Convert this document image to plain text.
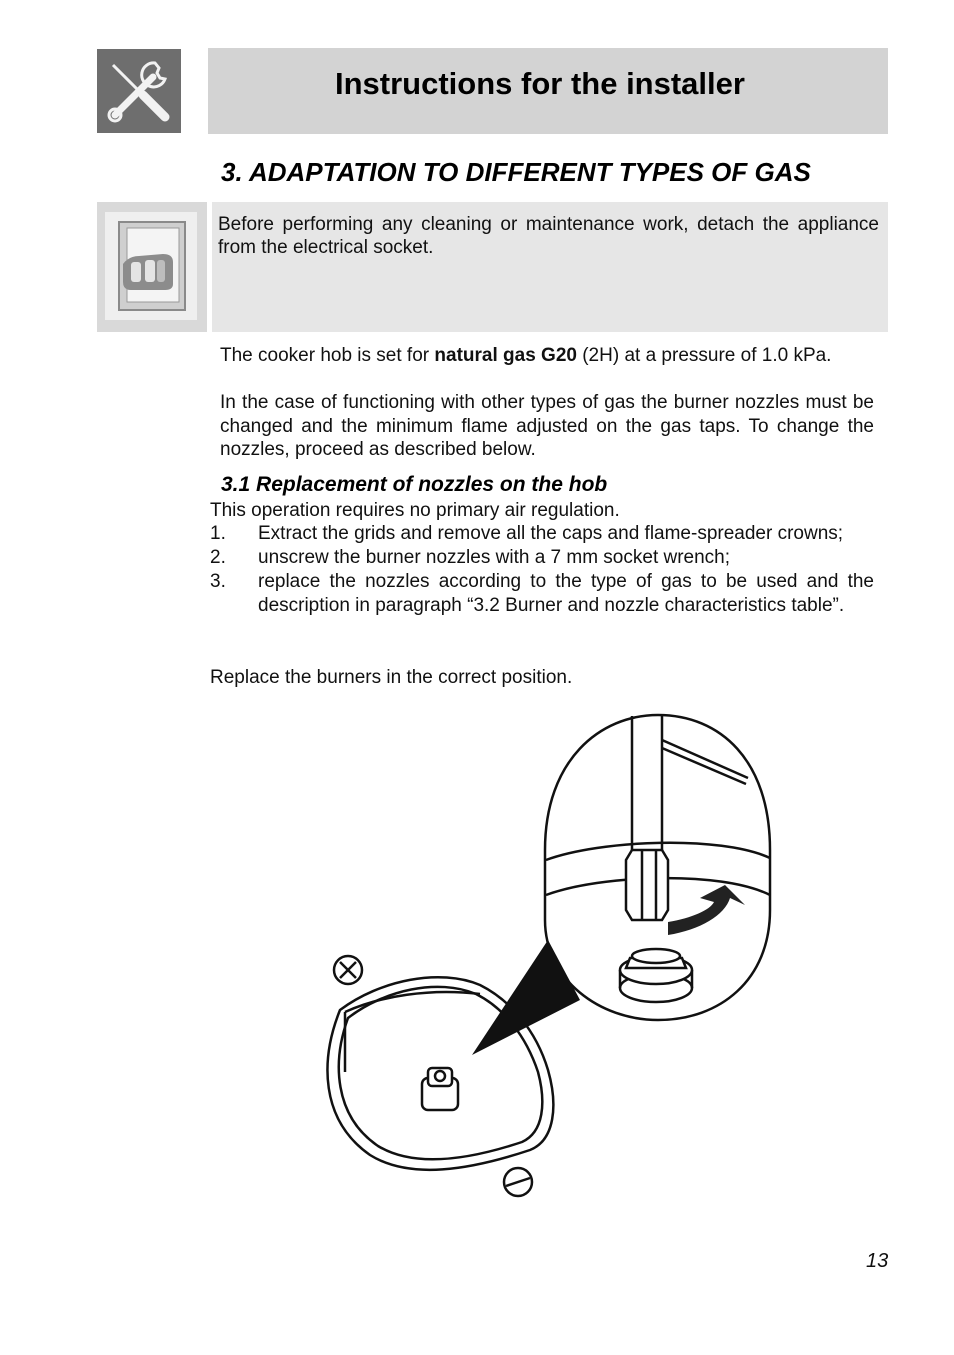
Instructions for the installer
3. ADAPTATION TO DIFFERENT TYPES OF GAS

Before performing any cleaning or maintenance work, detach the appliance from the electrical socket.

The cooker hob is set for natural gas G20 (2H) at a pressure of 1.0 kPa.

In the case of functioning with other types of gas the burner nozzles must be changed and the minimum flame adjusted on the gas taps. To change the nozzles, proceed as described below.

3.1 Replacement of nozzles on the hob

This operation requires no primary air regulation.

1. Extract the grids and remove all the caps and flame-spreader crowns;
2. unscrew the burner nozzles with a 7 mm socket wrench;
3. replace the nozzles according to the type of gas to be used and the description in paragraph “3.2 Burner and nozzle characteristics table”.

Replace the burners in the correct position.

13
